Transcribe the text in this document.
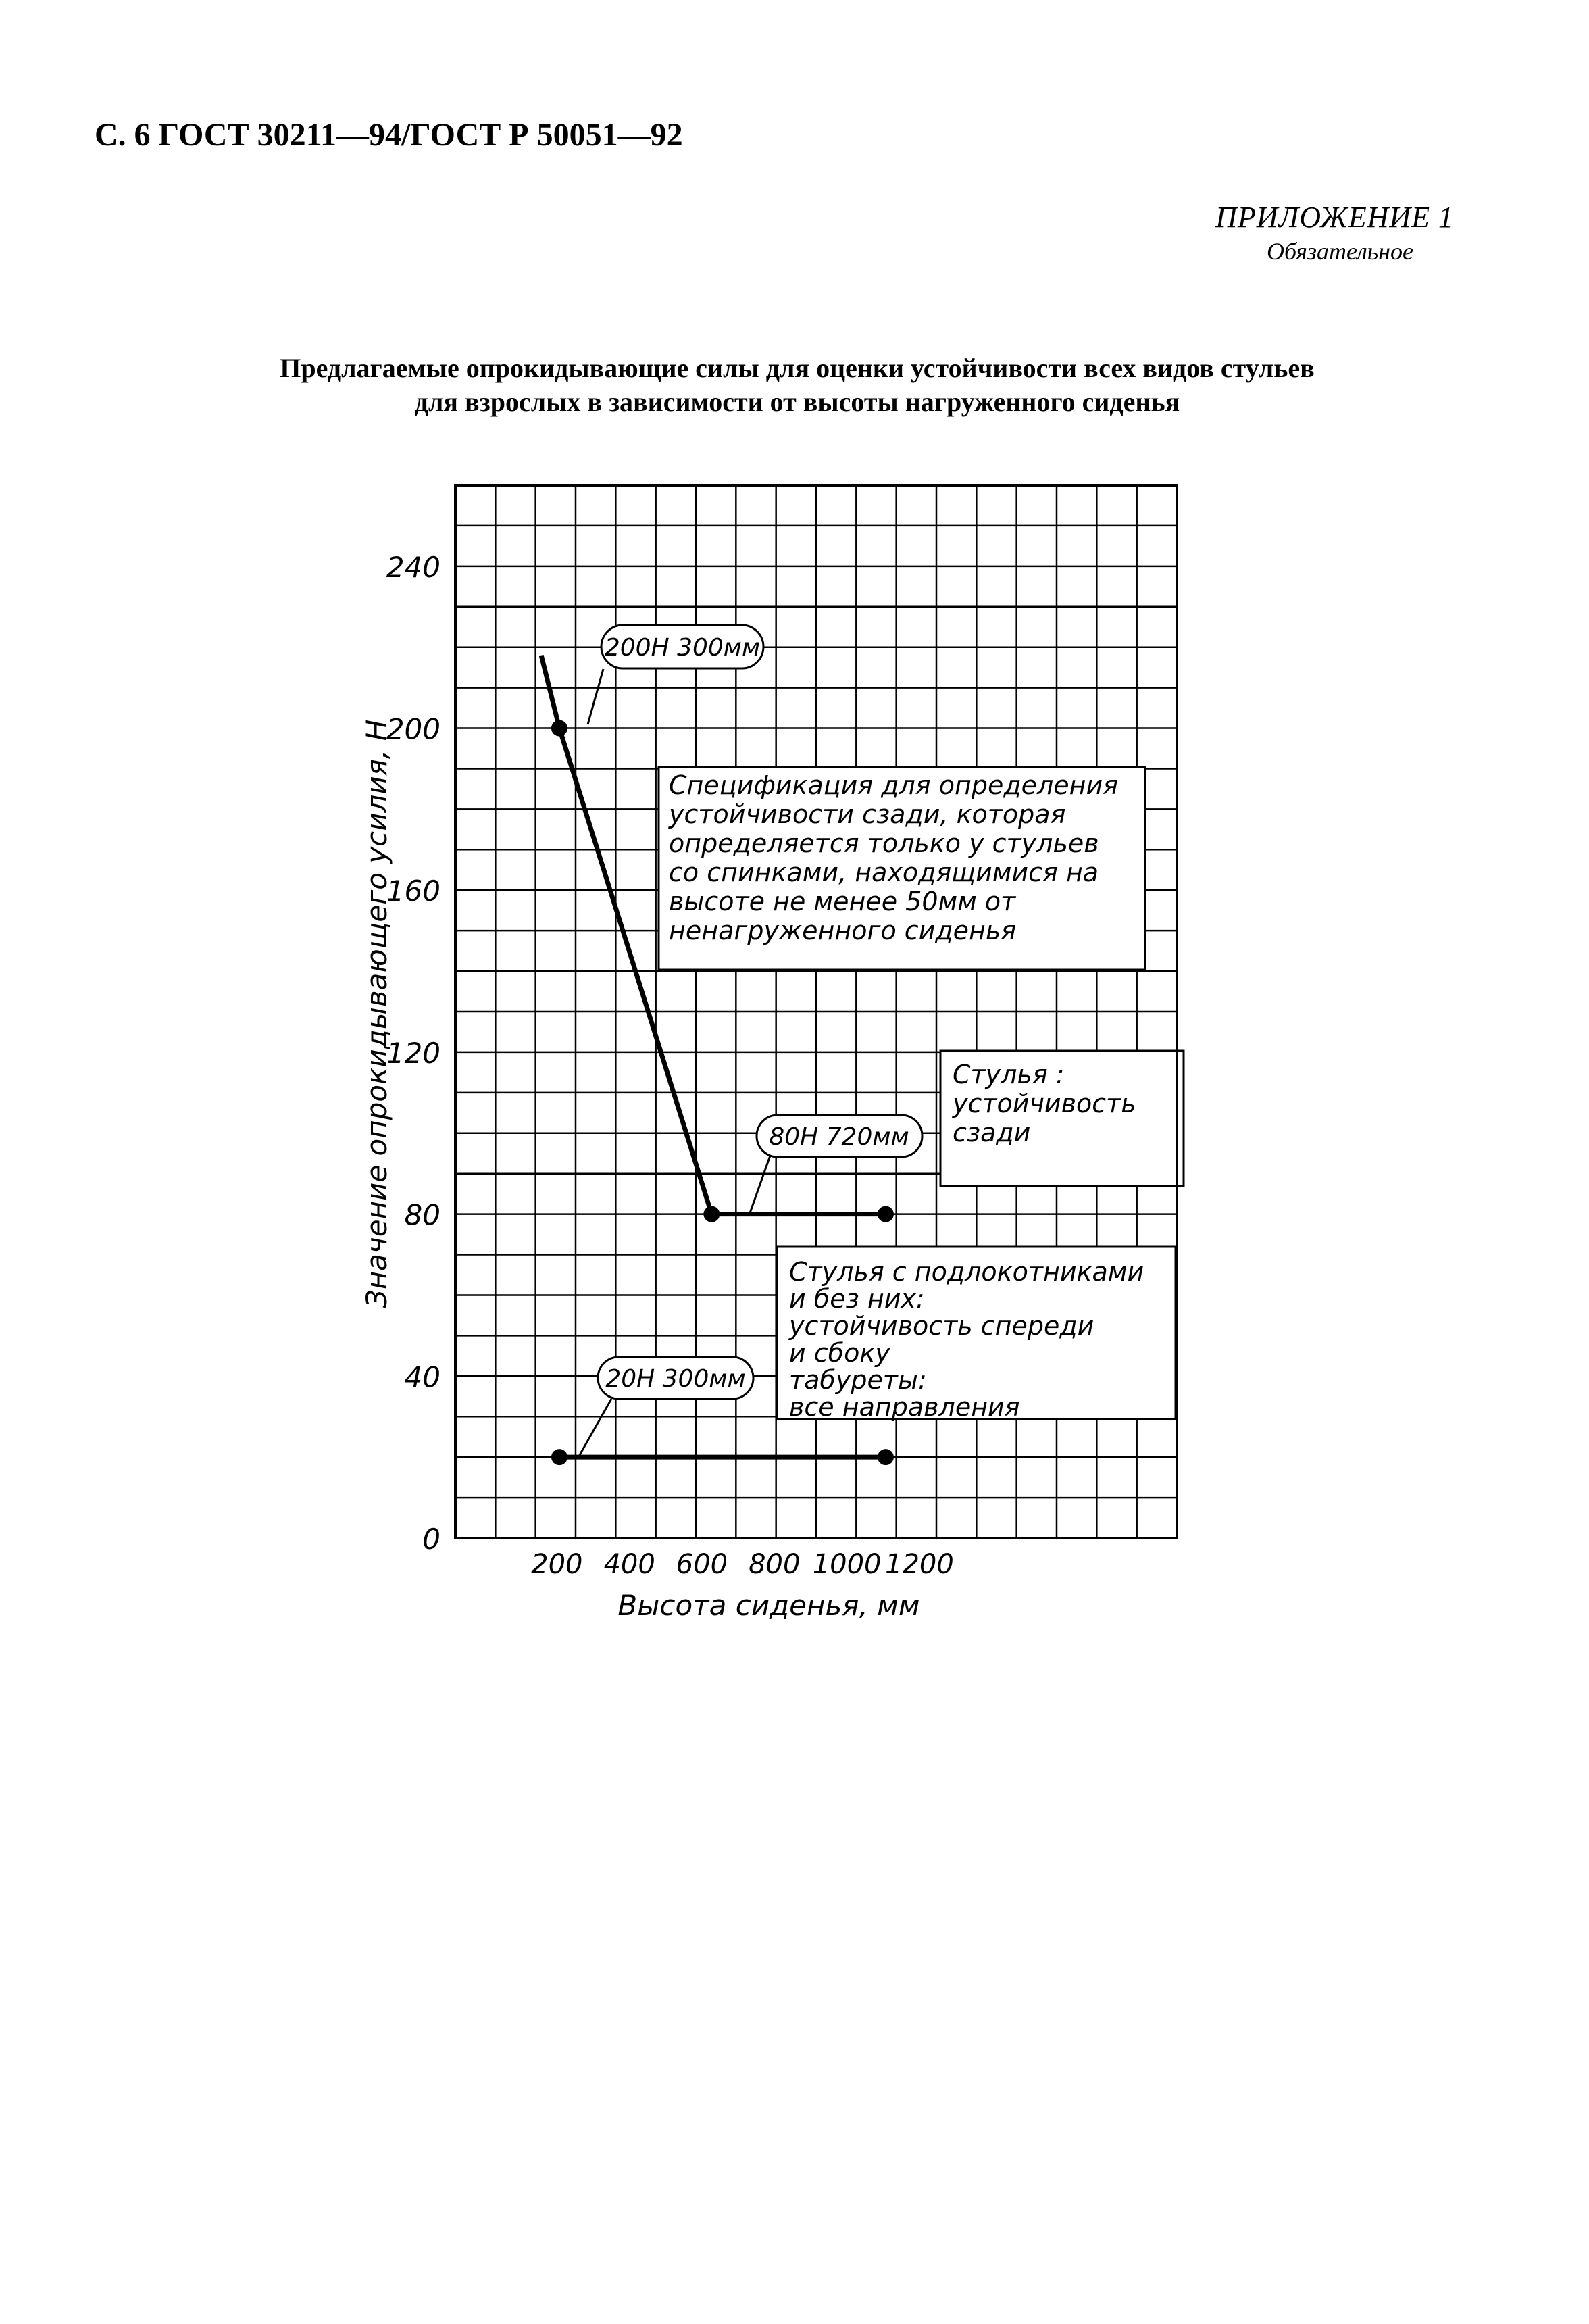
С. 6 ГОСТ 30211—94/ГОСТ Р 50051—92
ПРИЛОЖЕНИЕ 1
Обязательное
Предлагаемые опрокидывающие силы для оценки устойчивости всех видов стульев
для взрослых в зависимости от высоты нагруженного сиденья
0
40
80
120
160
200
240
200 400 600 800 1000 1200
200Н 300мм
80Н 720мм
20Н 300мм
Спецификация для определения
устойчивости сзади, которая
определяется только у стульев
со спинками, находящимися на
высоте не менее 50мм от
ненагруженного сиденья
Стулья :
устойчивость
сзади
Стулья с подлокотниками
и без них:
устойчивость спереди
и сбоку
табуреты:
все направления
Высота сиденья, мм
Значение опрокидывающего усилия, Н
